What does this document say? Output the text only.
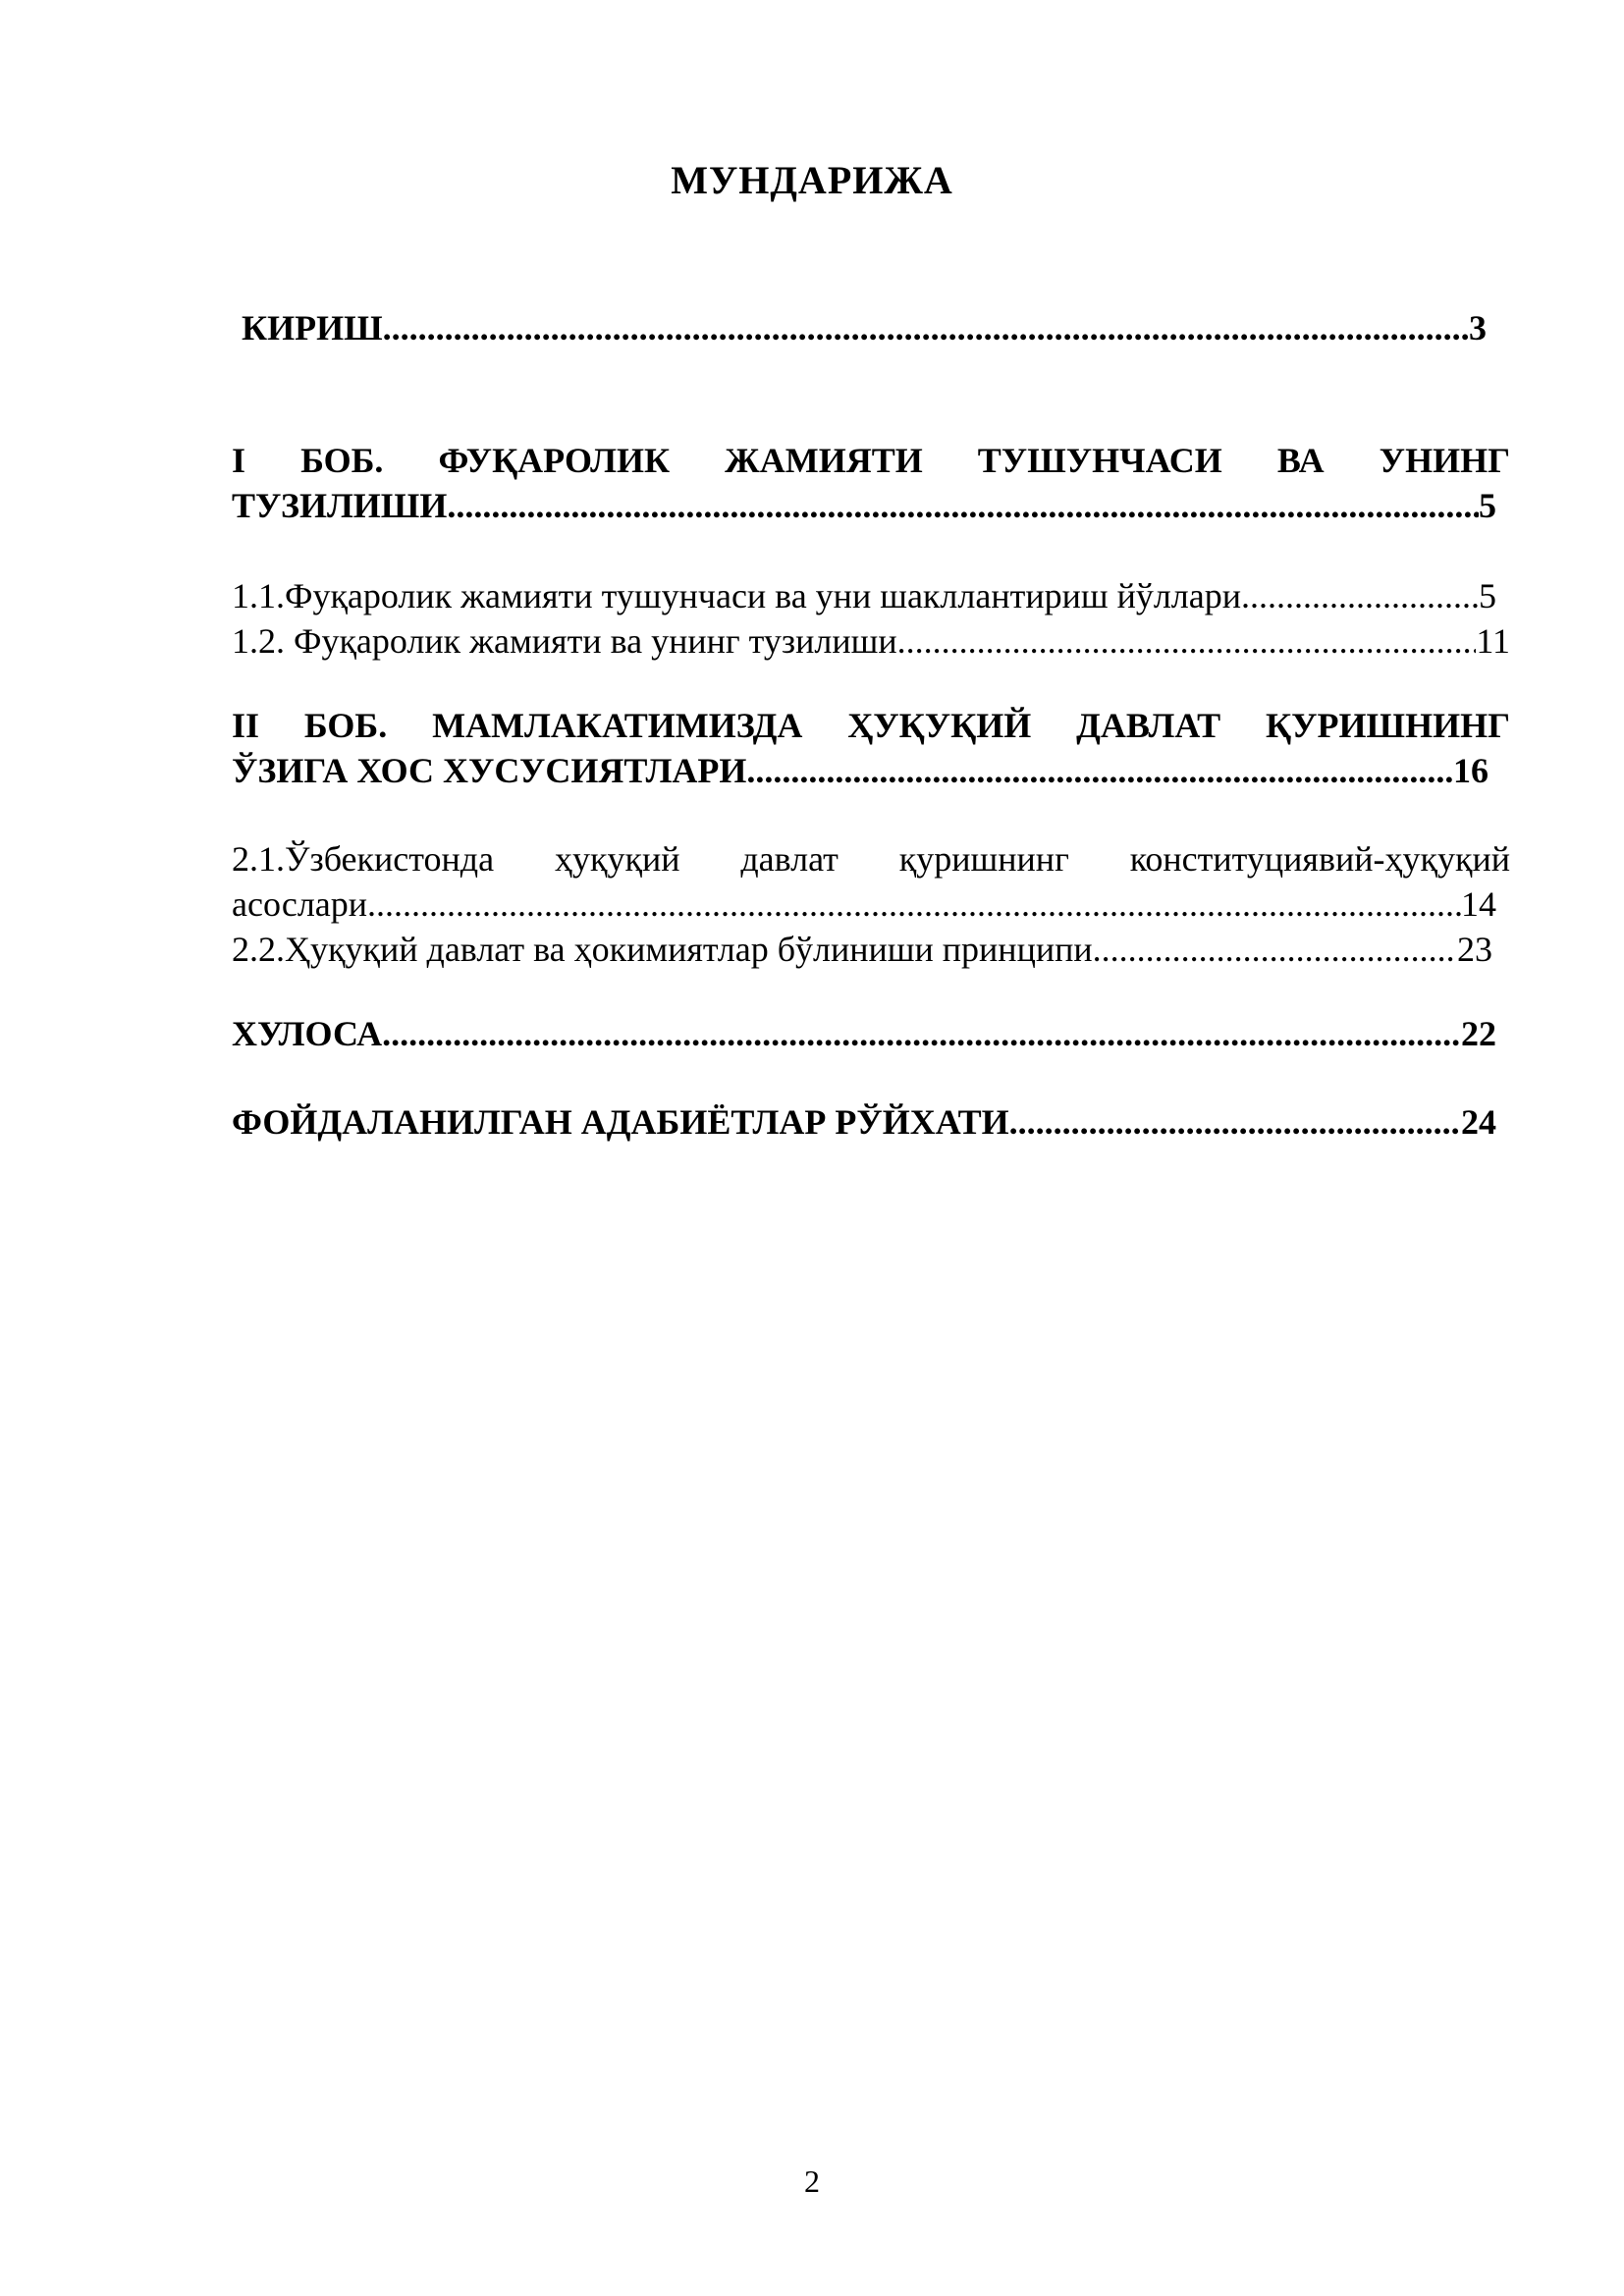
МУНДАРИЖА
КИРИШ .....	3
I БОБ. ФУҚАРОЛИК ЖАМИЯТИ ТУШУНЧАСИ ВА УНИНГ
ТУЗИЛИШИ .....	5
1.1.Фуқаролик жамияти тушунчаси ва уни шакллантириш йўллари .....	5
1.2. Фуқаролик жамияти ва унинг тузилиши .....	11
II БОБ. МАМЛАКАТИМИЗДА ҲУҚУҚИЙ ДАВЛАТ ҚУРИШНИНГ
ЎЗИГА ХОС ХУСУСИЯТЛАРИ .....	16
2.1.Ўзбекистонда ҳуқуқий давлат қуришнинг конституциявий-ҳуқуқий
асослари .....	14
2.2.Ҳуқуқий давлат ва ҳокимиятлар бўлиниши принципи .....	23
ХУЛОСА .....	22
ФОЙДАЛАНИЛГАН АДАБИЁТЛАР РЎЙХАТИ .....	24
2
